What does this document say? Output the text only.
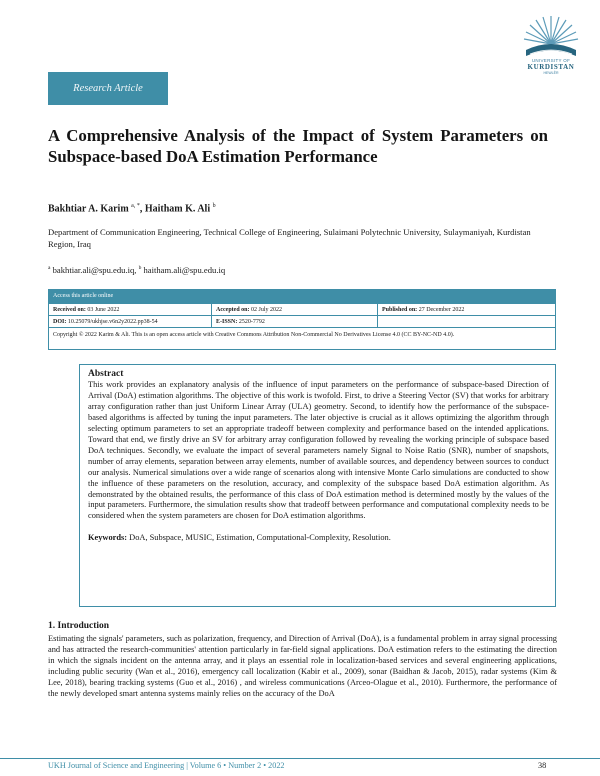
UNIVERSITY OF
KURDISTAN
HEWLÊR
Research Article
A Comprehensive Analysis of the Impact of System Parameters on Subspace-based DoA Estimation Performance
Bakhtiar A. Karim $^{a, *}$, Haitham K. Ali $^b$
Department of Communication Engineering, Technical College of Engineering, Sulaimani Polytechnic University, Sulaymaniyah, Kurdistan Region, Iraq
$^a$ bakhtiar.ali@spu.edu.iq, $^b$ haitham.ali@spu.edu.iq
Access this article online
Received on: 03 June 2022	Accepted on: 02 July 2022	Published on: 27 December 2022
DOI: 10.25079/ukhjse.v6n2y2022.pp38-54	E-ISSN: 2520-7792
Copyright © 2022 Karim & Ali. This is an open access article with Creative Commons Attribution Non-Commercial No Derivatives License 4.0 (CC BY-NC-ND 4.0).
Abstract

This work provides an explanatory analysis of the influence of input parameters on the performance of subspace-based Direction of Arrival (DoA) estimation algorithms. The objective of this work is twofold. First, to drive a Steering Vector (SV) that works for arbitrary array configuration rather than just Uniform Linear Array (ULA) geometry. Second, to identify how the performance of the subspace-based algorithms is affected by tuning the input parameters. The later objective is crucial as it allows optimizing the algorithm through selecting optimum parameters to set an appropriate tradeoff between complexity and performance based on the intended applications. Toward that end, we firstly drive an SV for arbitrary array configuration followed by revealing the working principle of subspace based DoA techniques. Secondly, we evaluate the impact of several parameters namely Signal to Noise Ratio (SNR), number of snapshots, number of array elements, separation between array elements, number of available sources, and dependency between sources to conduct our analysis. Numerical simulations over a wide range of scenarios along with intensive Monte Carlo simulations are conducted to show the influence of these parameters on the resolution, accuracy, and complexity of the subspace based DoA estimation algorithm. As demonstrated by the obtained results, the performance of this class of DoA estimation method is determined mostly by the values of the input parameters. Furthermore, the simulation results show that tradeoff between performance and computational complexity needs to be considered when the system parameters are chosen for DoA estimation algorithms.

Keywords: DoA, Subspace, MUSIC, Estimation, Computational-Complexity, Resolution.
1. Introduction

Estimating the signals' parameters, such as polarization, frequency, and Direction of Arrival (DoA), is a fundamental problem in array signal processing and has attracted the research-communities' attention particularly in far-field signal applications. DoA estimation refers to the estimating the direction in which the signals incident on the antenna array, and it plays an essential role in localization-based services and several engineering applications, including public security (Wan et al., 2016), emergency call localization (Kabir et al., 2009), sonar (Baidhan & Jacob, 2015), radar systems (Kim & Lee, 2018), bearing tracking systems (Guo et al., 2016) , and wireless communications (Arceo-Olague et al., 2010). Furthermore, the performance of the newly developed smart antenna systems mainly relies on the accuracy of the DoA

UKH Journal of Science and Engineering | Volume 6 • Number 2 • 2022	38
